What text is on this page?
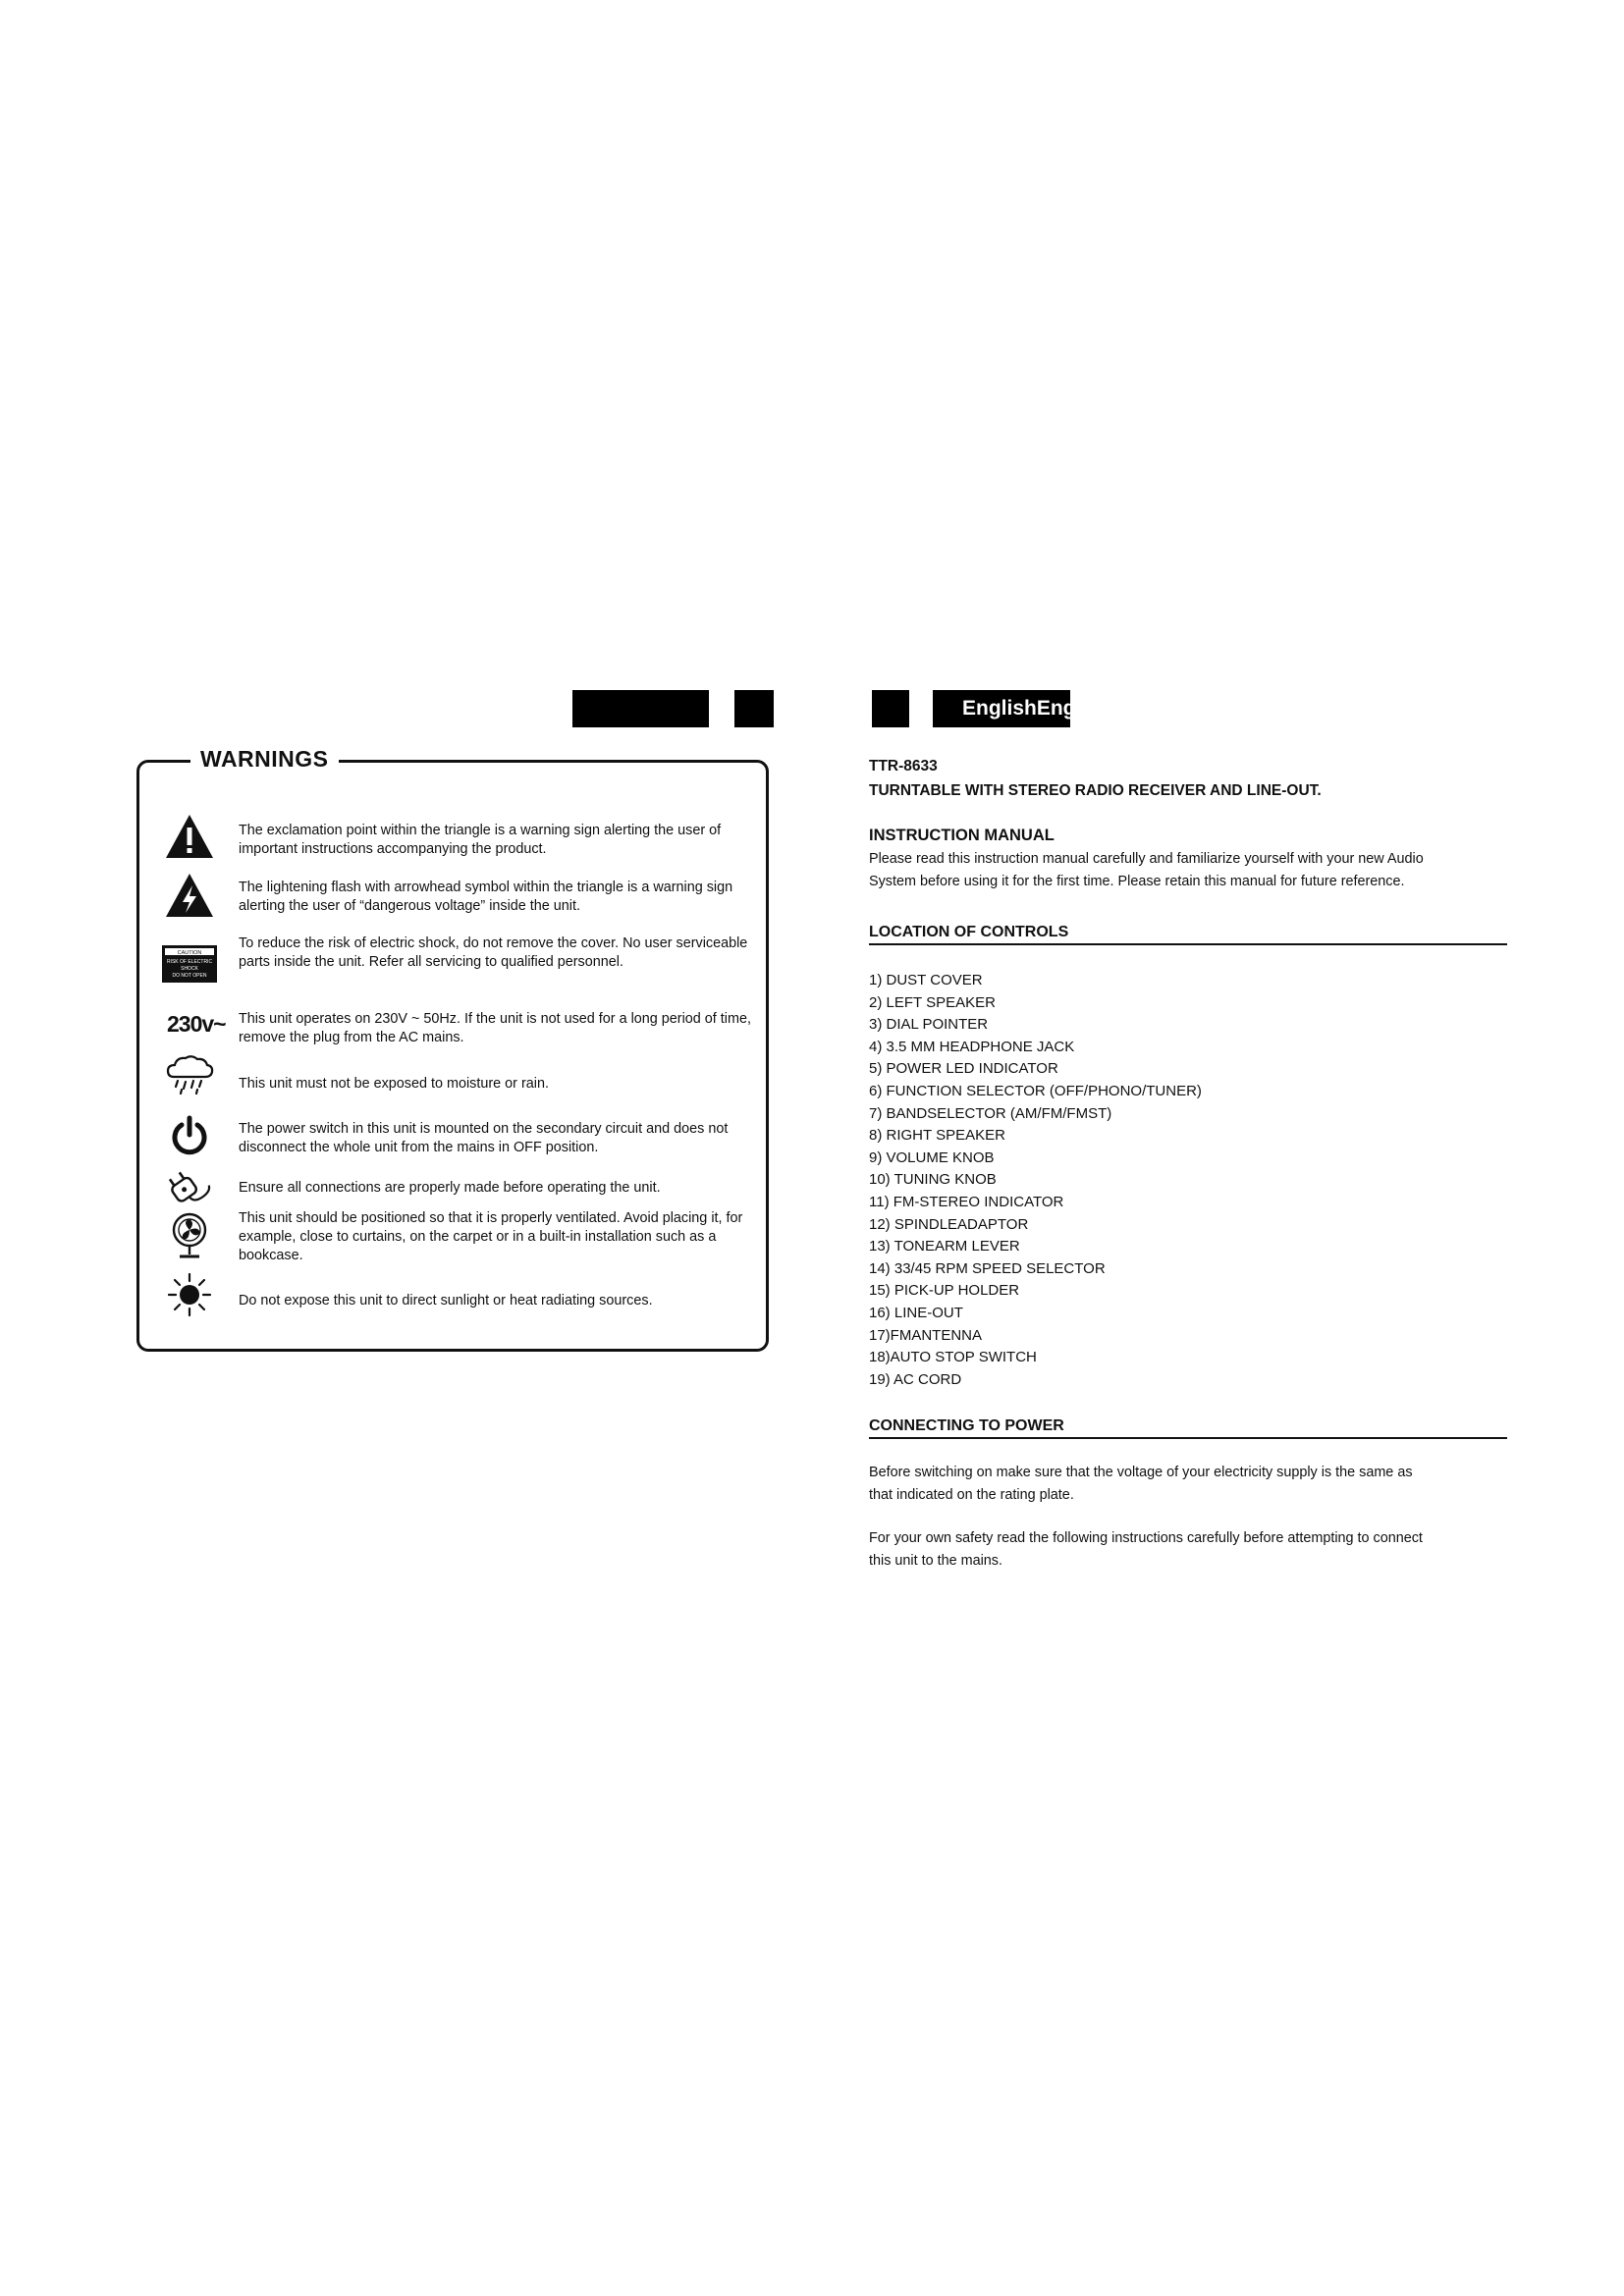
EnglishEnglish
WARNINGS
The exclamation point within the triangle is a warning sign alerting the user of important instructions accompanying the product.
The lightening flash with arrowhead symbol within the triangle is a warning sign alerting the user of “dangerous voltage” inside the unit.
CAUTION
RISK OF ELECTRIC
SHOCK
DO NOT OPEN
To reduce the risk of electric shock, do not remove the cover. No user serviceable parts inside the unit. Refer all servicing to qualified personnel.
230v~ This unit operates on 230V ~ 50Hz. If the unit is not used for a long period of time, remove the plug from the AC mains.
This unit must not be exposed to moisture or rain.
The power switch in this unit is mounted on the secondary circuit and does not disconnect the whole unit from the mains in OFF position.
Ensure all connections are properly made before operating the unit.
This unit should be positioned so that it is properly ventilated. Avoid placing it, for example, close to curtains, on the carpet or in a built-in installation such as a bookcase.
Do not expose this unit to direct sunlight or heat radiating sources.
TTR-8633
TURNTABLE WITH STEREO RADIO RECEIVER AND LINE-OUT.
INSTRUCTION MANUAL
Please read this instruction manual carefully and familiarize yourself with your new Audio
System before using it for the first time. Please retain this manual for future reference.
LOCATION OF CONTROLS
1) DUST COVER
2) LEFT SPEAKER
3) DIAL POINTER
4) 3.5 MM HEADPHONE JACK
5) POWER LED INDICATOR
6) FUNCTION SELECTOR (OFF/PHONO/TUNER)
7) BANDSELECTOR (AM/FM/FMST)
8) RIGHT SPEAKER
9) VOLUME KNOB
10) TUNING KNOB
11) FM-STEREO INDICATOR
12) SPINDLEADAPTOR
13) TONEARM LEVER
14) 33/45 RPM SPEED SELECTOR
15) PICK-UP HOLDER
16) LINE-OUT
17)FMANTENNA
18)AUTO STOP SWITCH
19) AC CORD
CONNECTING TO POWER
Before switching on make sure that the voltage of your electricity supply is the same as
that indicated on the rating plate.
For your own safety read the following instructions carefully before attempting to connect
this unit to the mains.
